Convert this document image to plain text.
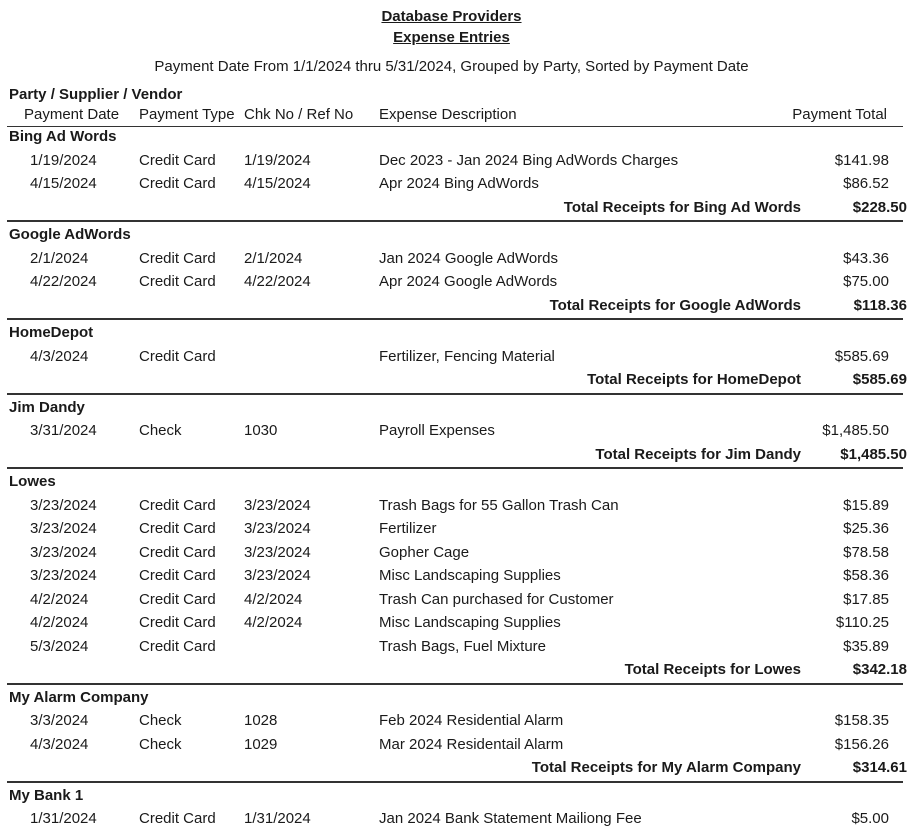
Database Providers
Expense Entries
Payment Date From 1/1/2024 thru 5/31/2024, Grouped by Party, Sorted by Payment Date
Party / Supplier / Vendor
Payment Date Payment Type Chk No / Ref No Expense Description	Payment Total
Bing Ad Words
1/19/2024	Credit Card 1/19/2024	Dec 2023 - Jan 2024 Bing AdWords Charges	$141.98
4/15/2024	Credit Card 4/15/2024	Apr 2024 Bing AdWords	$86.52
Total Receipts for Bing Ad Words	$228.50
Google AdWords
2/1/2024	Credit Card 2/1/2024	Jan 2024 Google AdWords	$43.36
4/22/2024	Credit Card 4/22/2024	Apr 2024 Google AdWords	$75.00
Total Receipts for Google AdWords	$118.36
HomeDepot
4/3/2024	Credit Card	Fertilizer, Fencing Material	$585.69
Total Receipts for HomeDepot	$585.69
Jim Dandy
3/31/2024	Check	1030	Payroll Expenses	$1,485.50
Total Receipts for Jim Dandy	$1,485.50
Lowes
3/23/2024	Credit Card 3/23/2024	Trash Bags for 55 Gallon Trash Can	$15.89
3/23/2024	Credit Card 3/23/2024	Fertilizer	$25.36
3/23/2024	Credit Card 3/23/2024	Gopher Cage	$78.58
3/23/2024	Credit Card 3/23/2024	Misc Landscaping Supplies	$58.36
4/2/2024	Credit Card 4/2/2024	Trash Can purchased for Customer	$17.85
4/2/2024	Credit Card 4/2/2024	Misc Landscaping Supplies	$110.25
5/3/2024	Credit Card	Trash Bags, Fuel Mixture	$35.89
Total Receipts for Lowes	$342.18
My Alarm Company
3/3/2024	Check	1028	Feb 2024 Residential Alarm	$158.35
4/3/2024	Check	1029	Mar 2024 Residentail Alarm	$156.26
Total Receipts for My Alarm Company	$314.61
My Bank 1
1/31/2024	Credit Card 1/31/2024	Jan 2024 Bank Statement Mailiong Fee	$5.00
